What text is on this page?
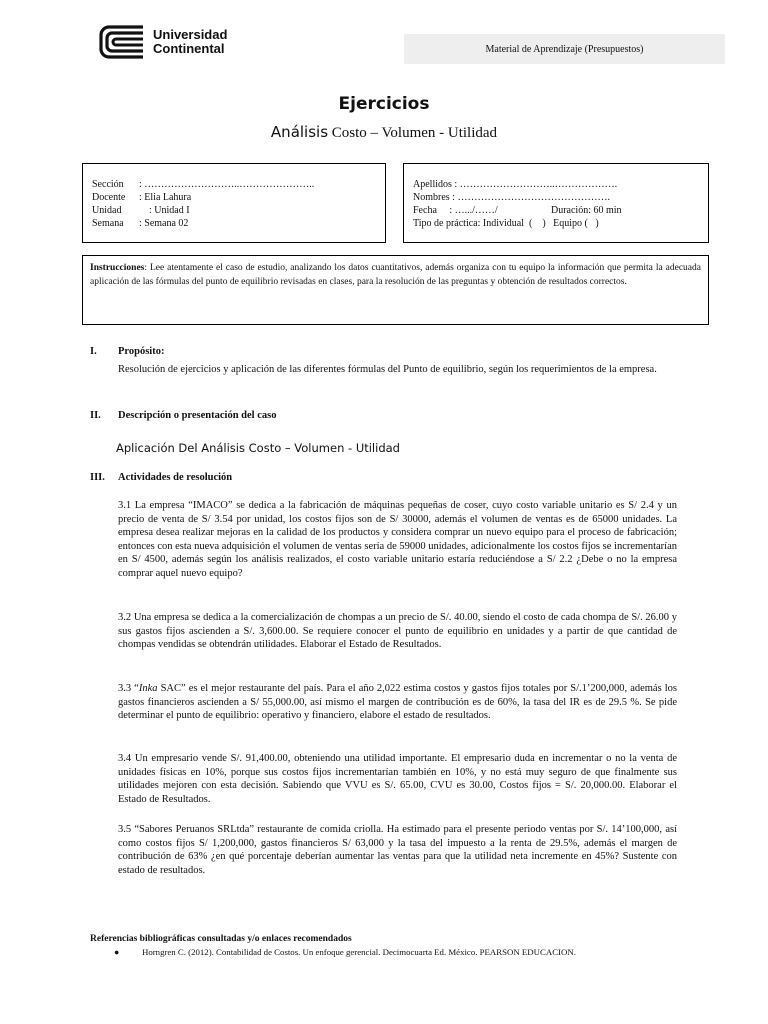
Universidad
Continental	Material de Aprendizaje (Presupuestos)
Ejercicios
Análisis Costo – Volumen - Utilidad
Sección	: ………………………..…………………..
Docente	: Elia Lahura
Unidad	: Unidad I
Semana	: Semana 02
Apellidos : ………………………..……………….
Nombres : ……………………………………….
Fecha     : ….../……/	Duración: 60 min
Tipo de práctica: Individual  (    )   Equipo (   )
Instrucciones: Lee atentamente el caso de estudio, analizando los datos cuantitativos, además organiza con tu equipo la información que permita la adecuada aplicación de las fórmulas del punto de equilibrio revisadas en clases, para la resolución de las preguntas y obtención de resultados correctos.
I. Propósito:
Resolución de ejercicios y aplicación de las diferentes fórmulas del Punto de equilibrio, según los requerimientos de la empresa.
II. Descripción o presentación del caso
Aplicación Del Análisis Costo – Volumen - Utilidad
III. Actividades de resolución
3.1 La empresa “IMACO” se dedica a la fabricación de máquinas pequeñas de coser, cuyo costo variable unitario es S/ 2.4 y un precio de venta de S/ 3.54 por unidad, los costos fijos son de S/ 30000, además el volumen de ventas es de 65000 unidades. La empresa desea realizar mejoras en la calidad de los productos y considera comprar un nuevo equipo para el proceso de fabricación; entonces con esta nueva adquisición el volumen de ventas sería de 59000 unidades, adicionalmente los costos fijos se incrementarían en S/ 4500, además según los análisis realizados, el costo variable unitario estaría reduciéndose a S/ 2.2 ¿Debe o no la empresa comprar aquel nuevo equipo?
3.2 Una empresa se dedica a la comercialización de chompas a un precio de S/. 40.00, siendo el costo de cada chompa de S/. 26.00 y sus gastos fijos ascienden a S/. 3,600.00. Se requiere conocer el punto de equilibrio en unidades y a partir de que cantidad de chompas vendidas se obtendrán utilidades. Elaborar el Estado de Resultados.
3.3 “Inka SAC” es el mejor restaurante del país. Para el año 2,022 estima costos y gastos fijos totales por S/.1’200,000, además los gastos financieros ascienden a S/ 55,000.00, así mismo el margen de contribución es de 60%, la tasa del IR es de 29.5 %. Se pide determinar el punto de equilibrio: operativo y financiero, elabore el estado de resultados.
3.4 Un empresario vende S/. 91,400.00, obteniendo una utilidad importante. El empresario duda en incrementar o no la venta de unidades físicas en 10%, porque sus costos fijos incrementarían también en 10%, y no está muy seguro de que finalmente sus utilidades mejoren con esta decisión. Sabiendo que VVU es S/. 65.00, CVU es 30.00, Costos fijos = S/. 20,000.00. Elaborar el Estado de Resultados.
3.5 “Sabores Peruanos SRLtda” restaurante de comida criolla. Ha estimado para el presente periodo ventas por S/. 14’100,000, así como costos fijos S/ 1,200,000, gastos financieros S/ 63,000 y la tasa del impuesto a la renta de 29.5%, además el margen de contribución de 63% ¿en qué porcentaje deberían aumentar las ventas para que la utilidad neta incremente en 45%? Sustente con estado de resultados.
Referencias bibliográficas consultadas y/o enlaces recomendados
●	Horngren C. (2012). Contabilidad de Costos. Un enfoque gerencial. Decimocuarta Ed. México. PEARSON EDUCACION.
